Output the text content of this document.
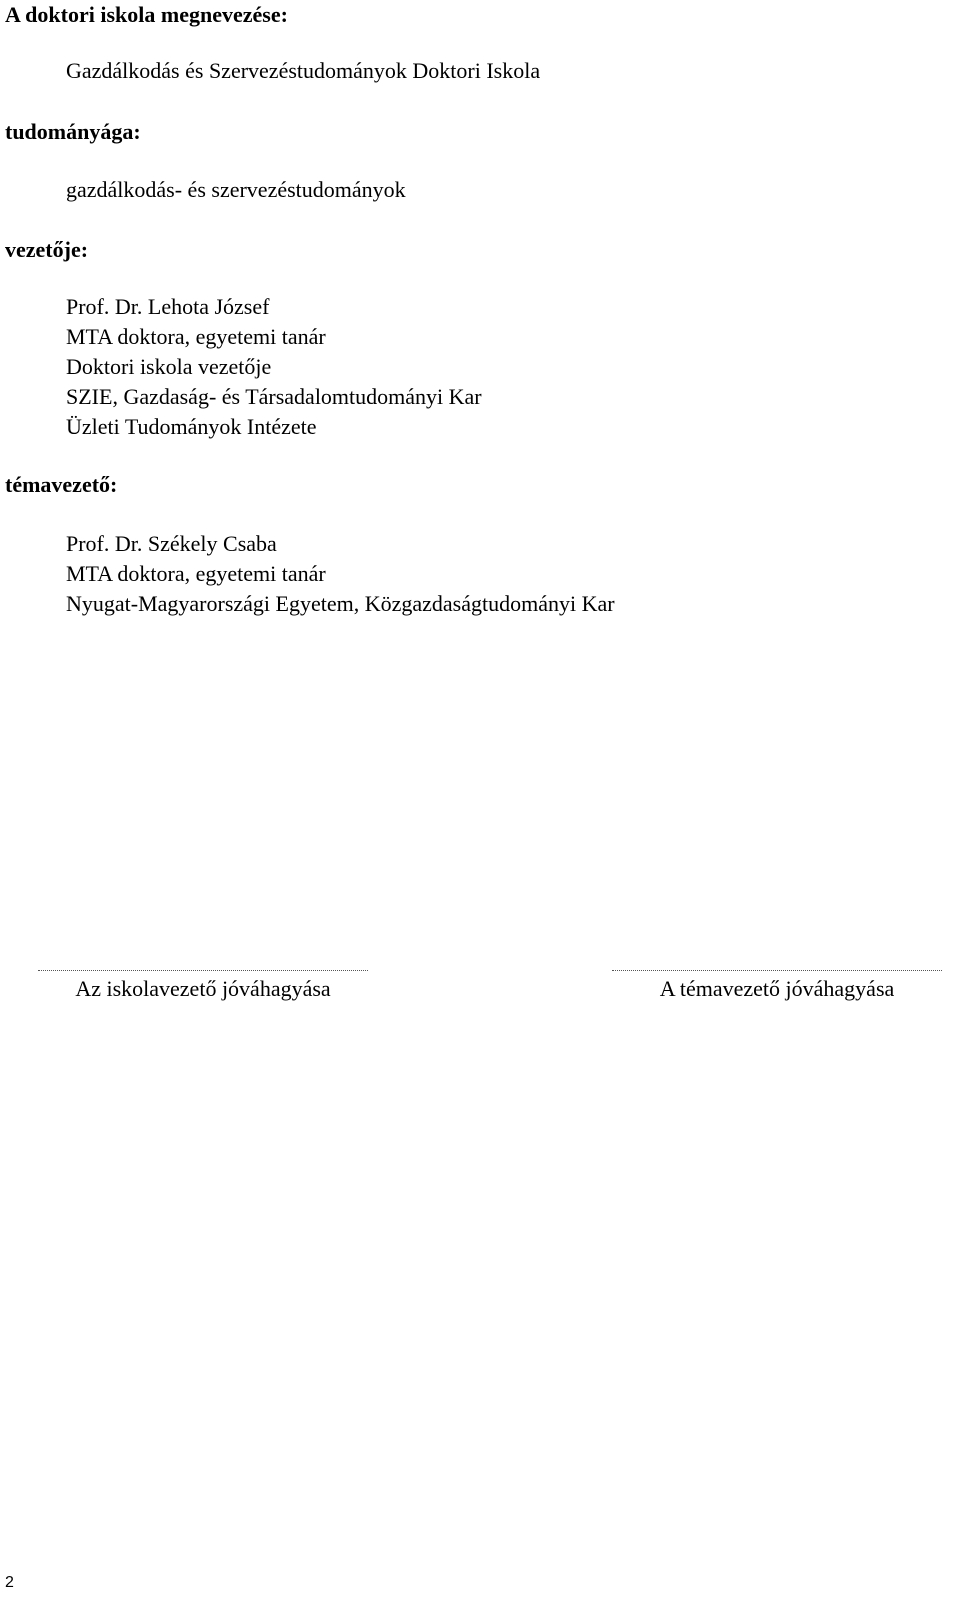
A doktori iskola megnevezése:
Gazdálkodás és Szervezéstudományok Doktori Iskola
tudományága:
gazdálkodás- és szervezéstudományok
vezetője:
Prof. Dr. Lehota József
MTA doktora, egyetemi tanár
Doktori iskola vezetője
SZIE, Gazdaság- és Társadalomtudományi Kar
Üzleti Tudományok Intézete
témavezető:
Prof. Dr. Székely Csaba
MTA doktora, egyetemi tanár
Nyugat-Magyarországi Egyetem, Közgazdaságtudományi Kar
Az iskolavezető jóváhagyása	A témavezető jóváhagyása
2
